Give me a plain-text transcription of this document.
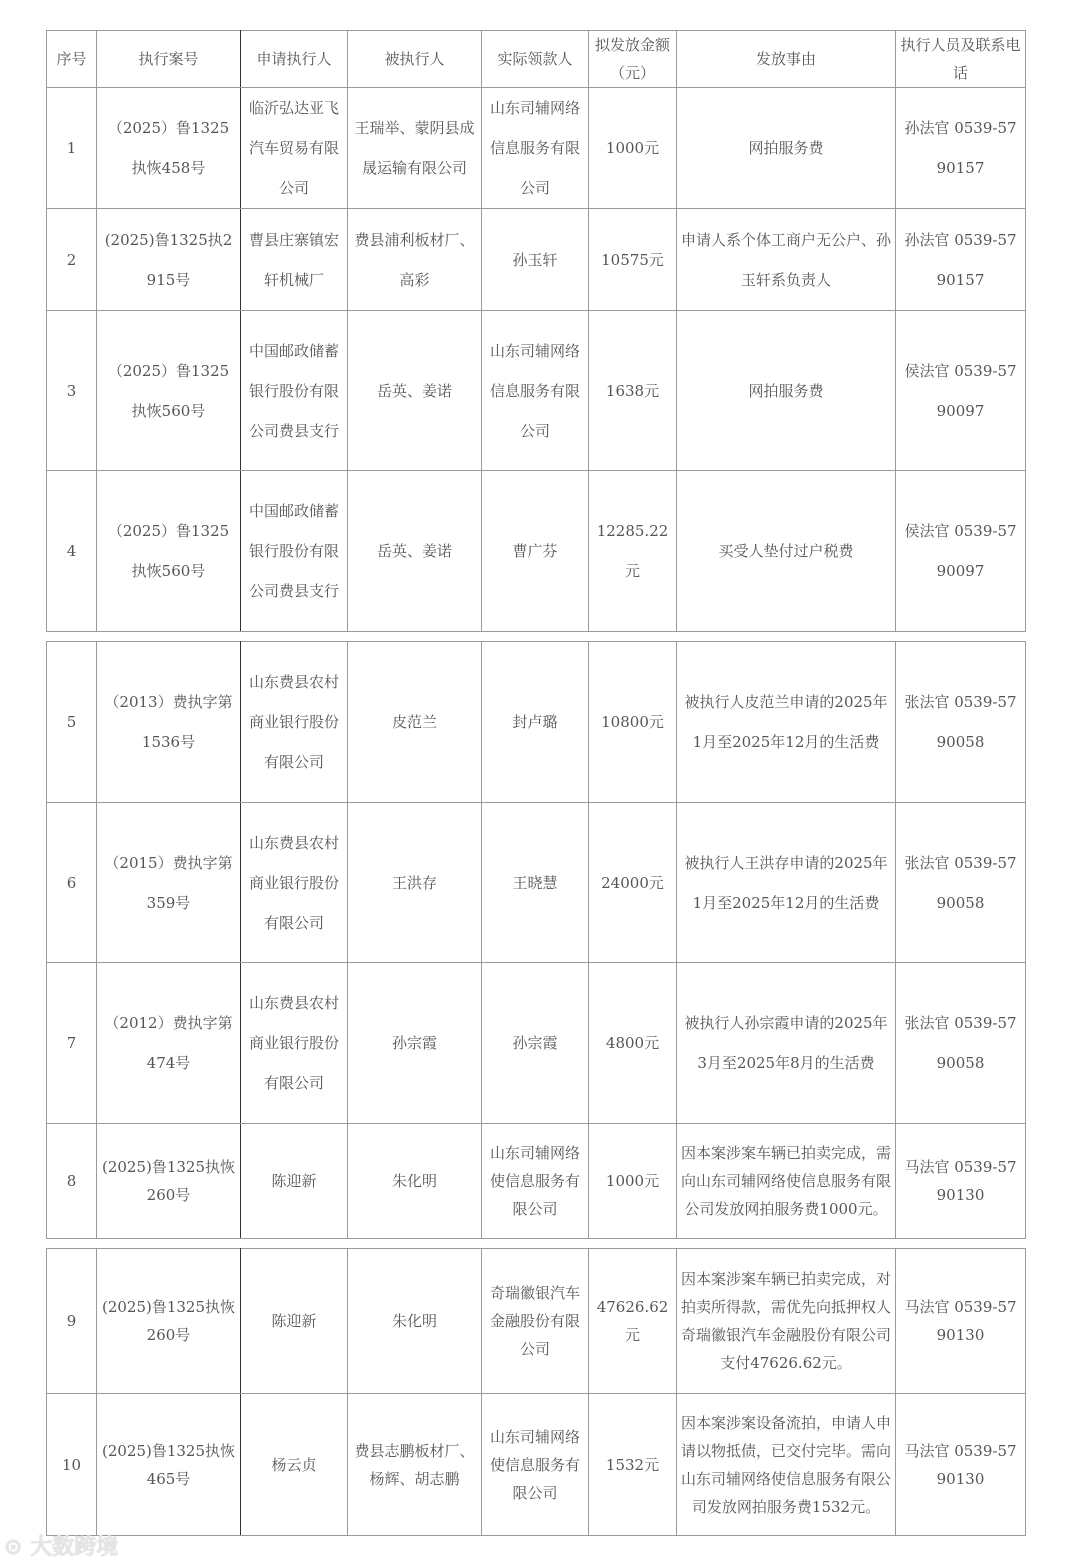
序号	执行案号	申请执行人	被执行人	实际领款人	拟发放金额（元）	发放事由	执行人员及联系电话
1	（2025）鲁1325执恢458号	临沂弘达亚飞汽车贸易有限公司	王瑞举、蒙阴县成晟运输有限公司	山东司辅网络信息服务有限公司	1000元	网拍服务费	孙法官 0539-5790157
2	(2025)鲁1325执2915号	曹县庄寨镇宏轩机械厂	费县浦利板材厂、高彩	孙玉轩	10575元	申请人系个体工商户无公户、孙玉轩系负责人	孙法官 0539-5790157
3	（2025）鲁1325执恢560号	中国邮政储蓄银行股份有限公司费县支行	岳英、姜诺	山东司辅网络信息服务有限公司	1638元	网拍服务费	侯法官 0539-5790097
4	（2025）鲁1325执恢560号	中国邮政储蓄银行股份有限公司费县支行	岳英、姜诺	曹广芬	12285.22元	买受人垫付过户税费	侯法官 0539-5790097
5	（2013）费执字第1536号	山东费县农村商业银行股份有限公司	皮范兰	封卢璐	10800元	被执行人皮范兰申请的2025年1月至2025年12月的生活费	张法官 0539-5790058
6	（2015）费执字第359号	山东费县农村商业银行股份有限公司	王洪存	王晓慧	24000元	被执行人王洪存申请的2025年1月至2025年12月的生活费	张法官 0539-5790058
7	（2012）费执字第474号	山东费县农村商业银行股份有限公司	孙宗霞	孙宗霞	4800元	被执行人孙宗霞申请的2025年3月至2025年8月的生活费	张法官 0539-5790058
8	(2025)鲁1325执恢260号	陈迎新	朱化明	山东司辅网络使信息服务有限公司	1000元	因本案涉案车辆已拍卖完成，需向山东司辅网络使信息服务有限公司发放网拍服务费1000元。	马法官 0539-5790130
9	(2025)鲁1325执恢260号	陈迎新	朱化明	奇瑞徽银汽车金融股份有限公司	47626.62元	因本案涉案车辆已拍卖完成，对拍卖所得款，需优先向抵押权人奇瑞徽银汽车金融股份有限公司支付47626.62元。	马法官 0539-5790130
10	(2025)鲁1325执恢465号	杨云贞	费县志鹏板材厂、杨辉、胡志鹏	山东司辅网络使信息服务有限公司	1532元	因本案涉案设备流拍，申请人申请以物抵债，已交付完毕。需向山东司辅网络使信息服务有限公司发放网拍服务费1532元。	马法官 0539-5790130
⊙ 大数跨境
